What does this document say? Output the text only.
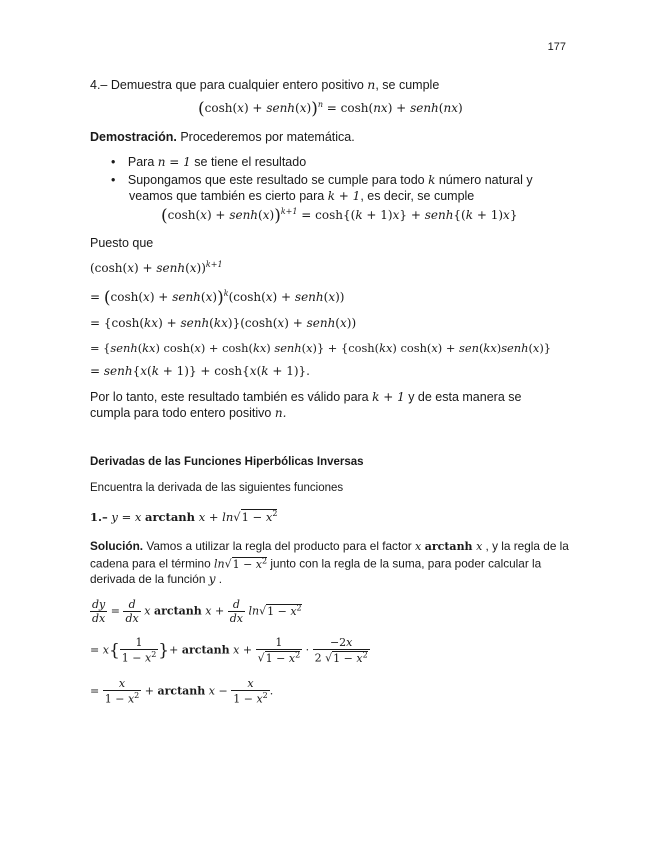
177
4.– Demuestra que para cualquier entero positivo n, se cumple
(cosh(x) + senh(x))$^n$ = cosh(nx) + senh(nx)
Demostración. Procederemos por matemática.
• Para n = 1 se tiene el resultado
• Supongamos que este resultado se cumple para todo k número natural y
veamos que también es cierto para k + 1, es decir, se cumple
(cosh(x) + senh(x))$^{k+1}$ = cosh{(k + 1)x} + senh{(k + 1)x}
Puesto que
(cosh(x) + senh(x))$^{k+1}$
= (cosh(x) + senh(x))$^k$(cosh(x) + senh(x))
= {cosh(kx) + senh(kx)}(cosh(x) + senh(x))
= {senh(kx) cosh(x) + cosh(kx) senh(x)} + {cosh(kx) cosh(x) + sen(kx)senh(x)}
= senh{x(k + 1)} + cosh{x(k + 1)}.
Por lo tanto, este resultado también es válido para k + 1 y de esta manera se
cumpla para todo entero positivo n.
Derivadas de las Funciones Hiperbólicas Inversas
Encuentra la derivada de las siguientes funciones
1.– y = x arctanh $x + \ln√1 - x^2$
Solución. Vamos a utilizar la regla del producto para el factor x arctanh x , y la regla de la
cadena para el término $\ln√1 - x^2$ junto con la regla de la suma, para poder calcular la
derivada de la función y .
$\frac{dy}{dx} = \frac{d}{dx}$ x arctanh $x + \frac{d}{dx} \ln√1 - x^2$
= $x\{ \frac{1}{1 - x^2}$ }+ arctanh $x + \frac{1}{√1 - x^2} \cdot \frac{-2x}{2 √1 - x^2}$
= $\frac{x}{1 - x^2} + \arctan h$ $x - \frac{x}{1 - x^2}$ .
